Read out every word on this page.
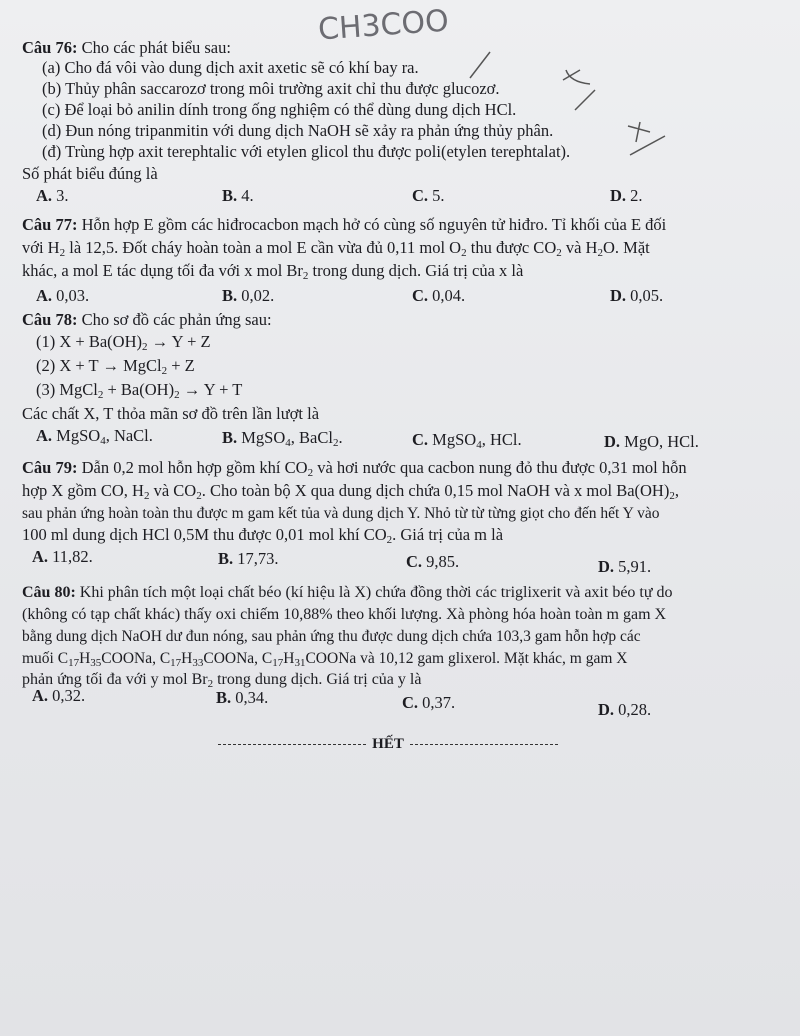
CH3COO
Câu 76: Cho các phát biểu sau:
(a) Cho đá vôi vào dung dịch axit axetic sẽ có khí bay ra.
(b) Thủy phân saccarozơ trong môi trường axit chỉ thu được glucozơ.
(c) Để loại bỏ anilin dính trong ống nghiệm có thể dùng dung dịch HCl.
(d) Đun nóng tripanmitin với dung dịch NaOH sẽ xảy ra phản ứng thủy phân.
(đ) Trùng hợp axit terephtalic với etylen glicol thu được poli(etylen terephtalat).
Số phát biểu đúng là
A. 3.	B. 4.	C. 5.	D. 2.
Câu 77: Hỗn hợp E gồm các hiđrocacbon mạch hở có cùng số nguyên tử hiđro. Tỉ khối của E đối
với $H_2$ là 12,5. Đốt cháy hoàn toàn a mol E cần vừa đủ 0,11 mol $O_2$ thu được $CO_2$ và $H_2O$. Mặt
khác, a mol E tác dụng tối đa với x mol $Br_2$ trong dung dịch. Giá trị của x là
A. 0,03.	B. 0,02.	C. 0,04.	D. 0,05.
Câu 78: Cho sơ đồ các phản ứng sau:
(1) $X + Ba(OH)_2 \to Y + Z$
(2) X + T → MgCl$_2$ + Z
(3) MgCl$_2$ + $Ba(OH)_2 \to Y + T$
Các chất X, T thỏa mãn sơ đồ trên lần lượt là
A. MgSO$_4$, NaCl.	B. MgSO$_4$, BaCl$_2$.	C. MgSO$_4$, HCl.	D. MgO, HCl.
Câu 79: Dẫn 0,2 mol hỗn hợp gồm khí $CO_2$ và hơi nước qua cacbon nung đỏ thu được 0,31 mol hỗn
hợp X gồm CO, $H_2$ và $CO_2$. Cho toàn bộ X qua dung dịch chứa 0,15 mol NaOH và x mol $Ba(OH)_2$,
sau phản ứng hoàn toàn thu được m gam kết tủa và dung dịch Y. Nhỏ từ từ từng giọt cho đến hết Y vào
100 ml dung dịch HCl 0,5M thu được 0,01 mol khí $CO_2$. Giá trị của m là
A. 11,82.	B. 17,73.	C. 9,85.	D. 5,91.
Câu 80: Khi phân tích một loại chất béo (kí hiệu là X) chứa đồng thời các triglixerit và axit béo tự do
(không có tạp chất khác) thấy oxi chiếm 10,88% theo khối lượng. Xà phòng hóa hoàn toàn m gam X
bằng dung dịch NaOH dư đun nóng, sau phản ứng thu được dung dịch chứa 103,3 gam hỗn hợp các
muối $C_{17}H_{35}COONa$, $C_{17}H_{33}COONa$, $C_{17}H_{31}COONa$ và 10,12 gam glixerol. Mặt khác, m gam X
phản ứng tối đa với y mol $Br_2$ trong dung dịch. Giá trị của y là
A. 0,32.	B. 0,34.	C. 0,37.	D. 0,28.
HẾT
